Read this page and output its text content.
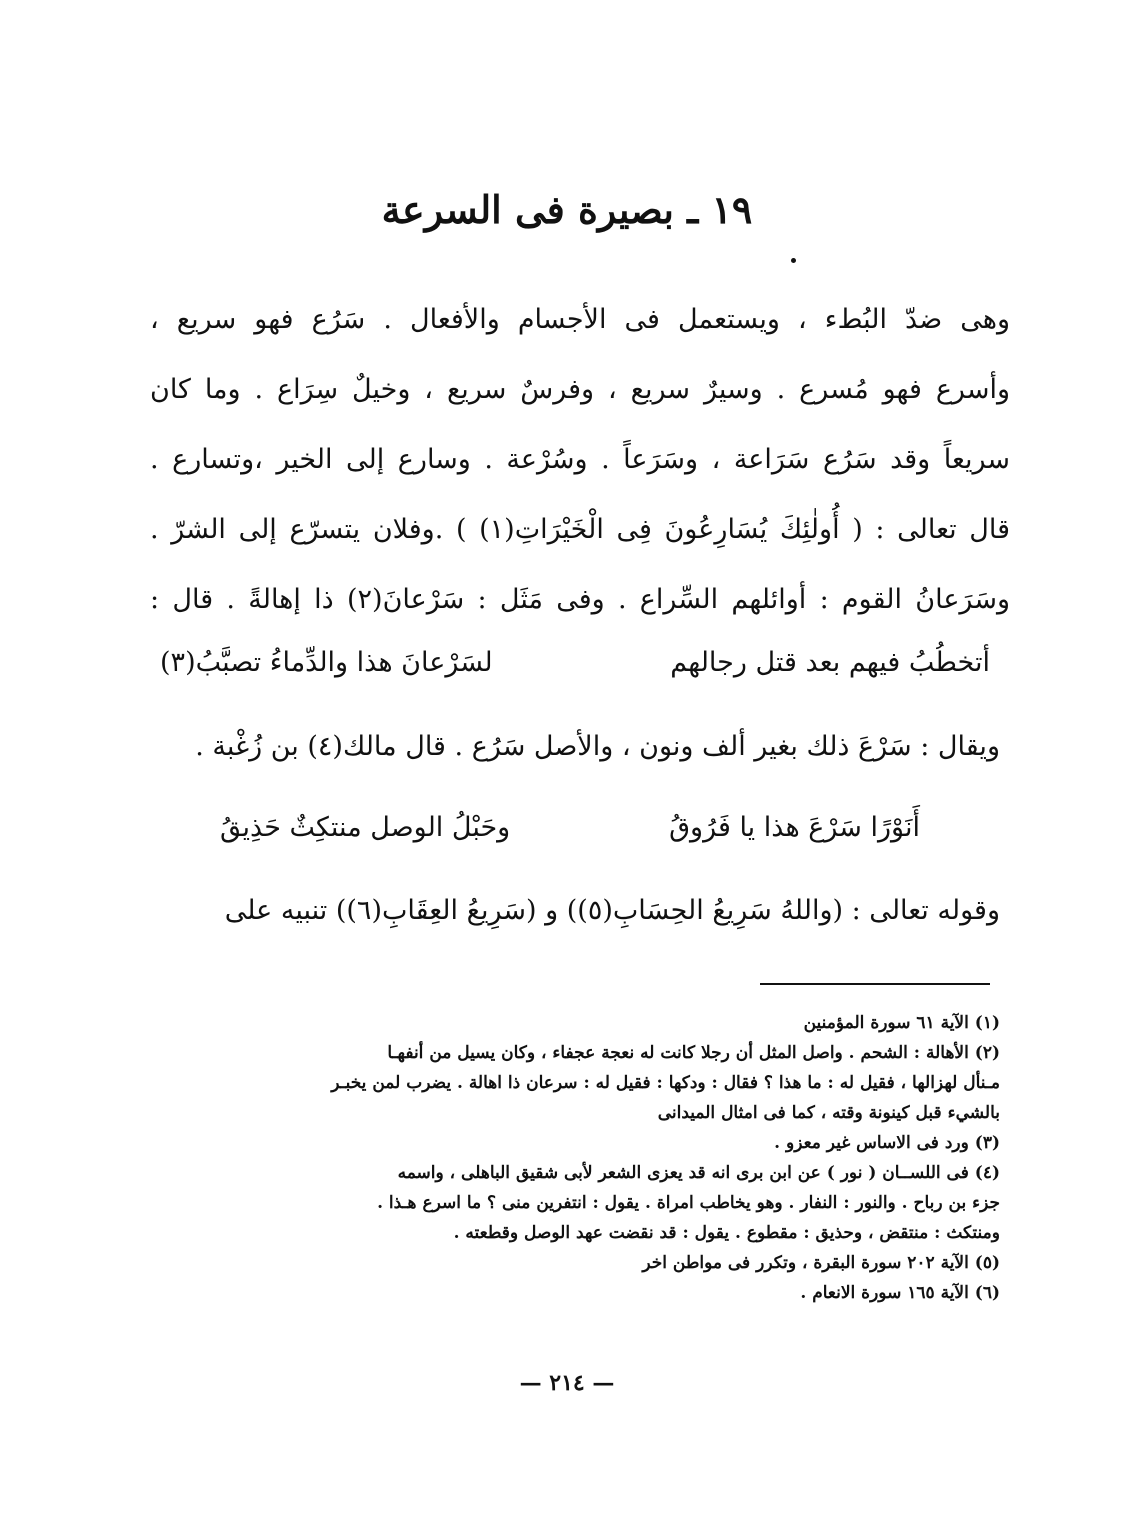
١٩ ـ بصيرة فى السرعة
وهى ضدّ البُطء ، ويستعمل فى الأجسام والأفعال . سَرُع فهو سريع ،
وأسرع فهو مُسرع . وسيرٌ سريع ، وفرسٌ سريع ، وخيلٌ سِرَاع . وما كان
سريعاً وقد سَرُع سَرَاعة ، وسَرَعاً . وسُرْعة . وسارع إلى الخير ،وتسارع .
قال تعالى : ( أُولٰئِكَ يُسَارِعُونَ فِى الْخَيْرَاتِ(١) ) .وفلان يتسرّع إلى الشرّ .
وسَرَعانُ القوم : أوائلهم السِّراع . وفى مَثَل : سَرْعانَ(٢) ذا إهالةً . قال :
أتخطُبُ فيهم بعد قتل رجالهم
لسَرْعانَ هذا والدِّماءُ تصبَّبُ(٣)
ويقال : سَرْعَ ذلك بغير ألف ونون ، والأصل سَرُع . قال مالك(٤) بن زُغْبة .
أَنَوْرًا سَرْعَ هذا يا فَرُوقُ
وحَبْلُ الوصل منتكِثٌ حَذِيقُ
وقوله تعالى : (واللهُ سَرِيعُ الحِسَابِ(٥)) و (سَرِيعُ العِقَابِ(٦)) تنبيه على
(١) الآية ٦١ سورة المؤمنين
(٢) الأهالة : الشحم . واصل المثل أن رجلا كانت له نعجة عجفاء ، وكان يسيل من أنفهـا
مـنأل لهزالها ، فقيل له : ما هذا ؟ فقال : ودكها : فقيل له : سرعان ذا اهالة . يضرب لمن يخبـر
بالشيء قبل كينونة وقته ، كما فى امثال الميدانى
(٣) ورد فى الاساس غير معزو .
(٤) فى اللســان ( نور ) عن ابن برى انه قد يعزى الشعر لأبى شقيق الباهلى ، واسمه
جزء بن رباح . والنور : النفار . وهو يخاطب امراة . يقول : انتفرين منى ؟ ما اسرع هـذا .
ومنتكث : منتقض ، وحذيق : مقطوع . يقول : قد نقضت عهد الوصل وقطعته .
(٥) الآية ٢٠٢ سورة البقرة ، وتكرر فى مواطن اخر
(٦) الآية ١٦٥ سورة الانعام .
— ٢١٤ —
